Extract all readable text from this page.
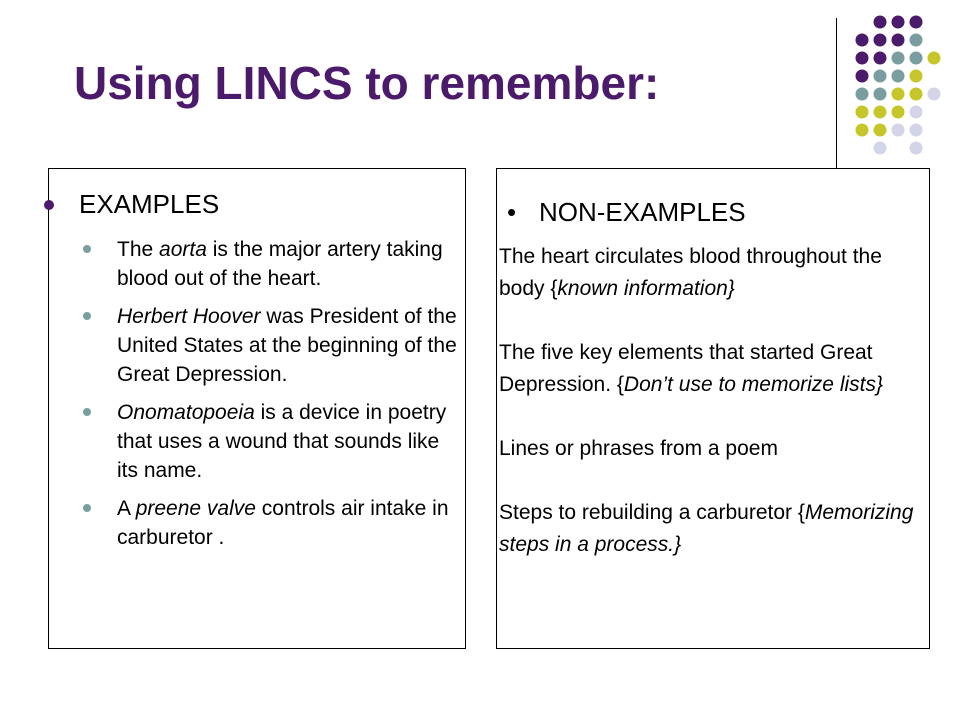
Using LINCS to remember:
EXAMPLES
The aorta is the major artery taking blood out of the heart.
Herbert Hoover was President of the United States at the beginning of the Great Depression.
Onomatopoeia is a device in poetry that uses a wound that sounds like its name.
A preene valve controls air intake in carburetor .
• NON-EXAMPLES

The heart circulates blood throughout the body {known information}

The five key elements that started Great Depression. {Don’t use to memorize lists}

Lines or phrases from a poem

Steps to rebuilding a carburetor {Memorizing steps in a process.}
